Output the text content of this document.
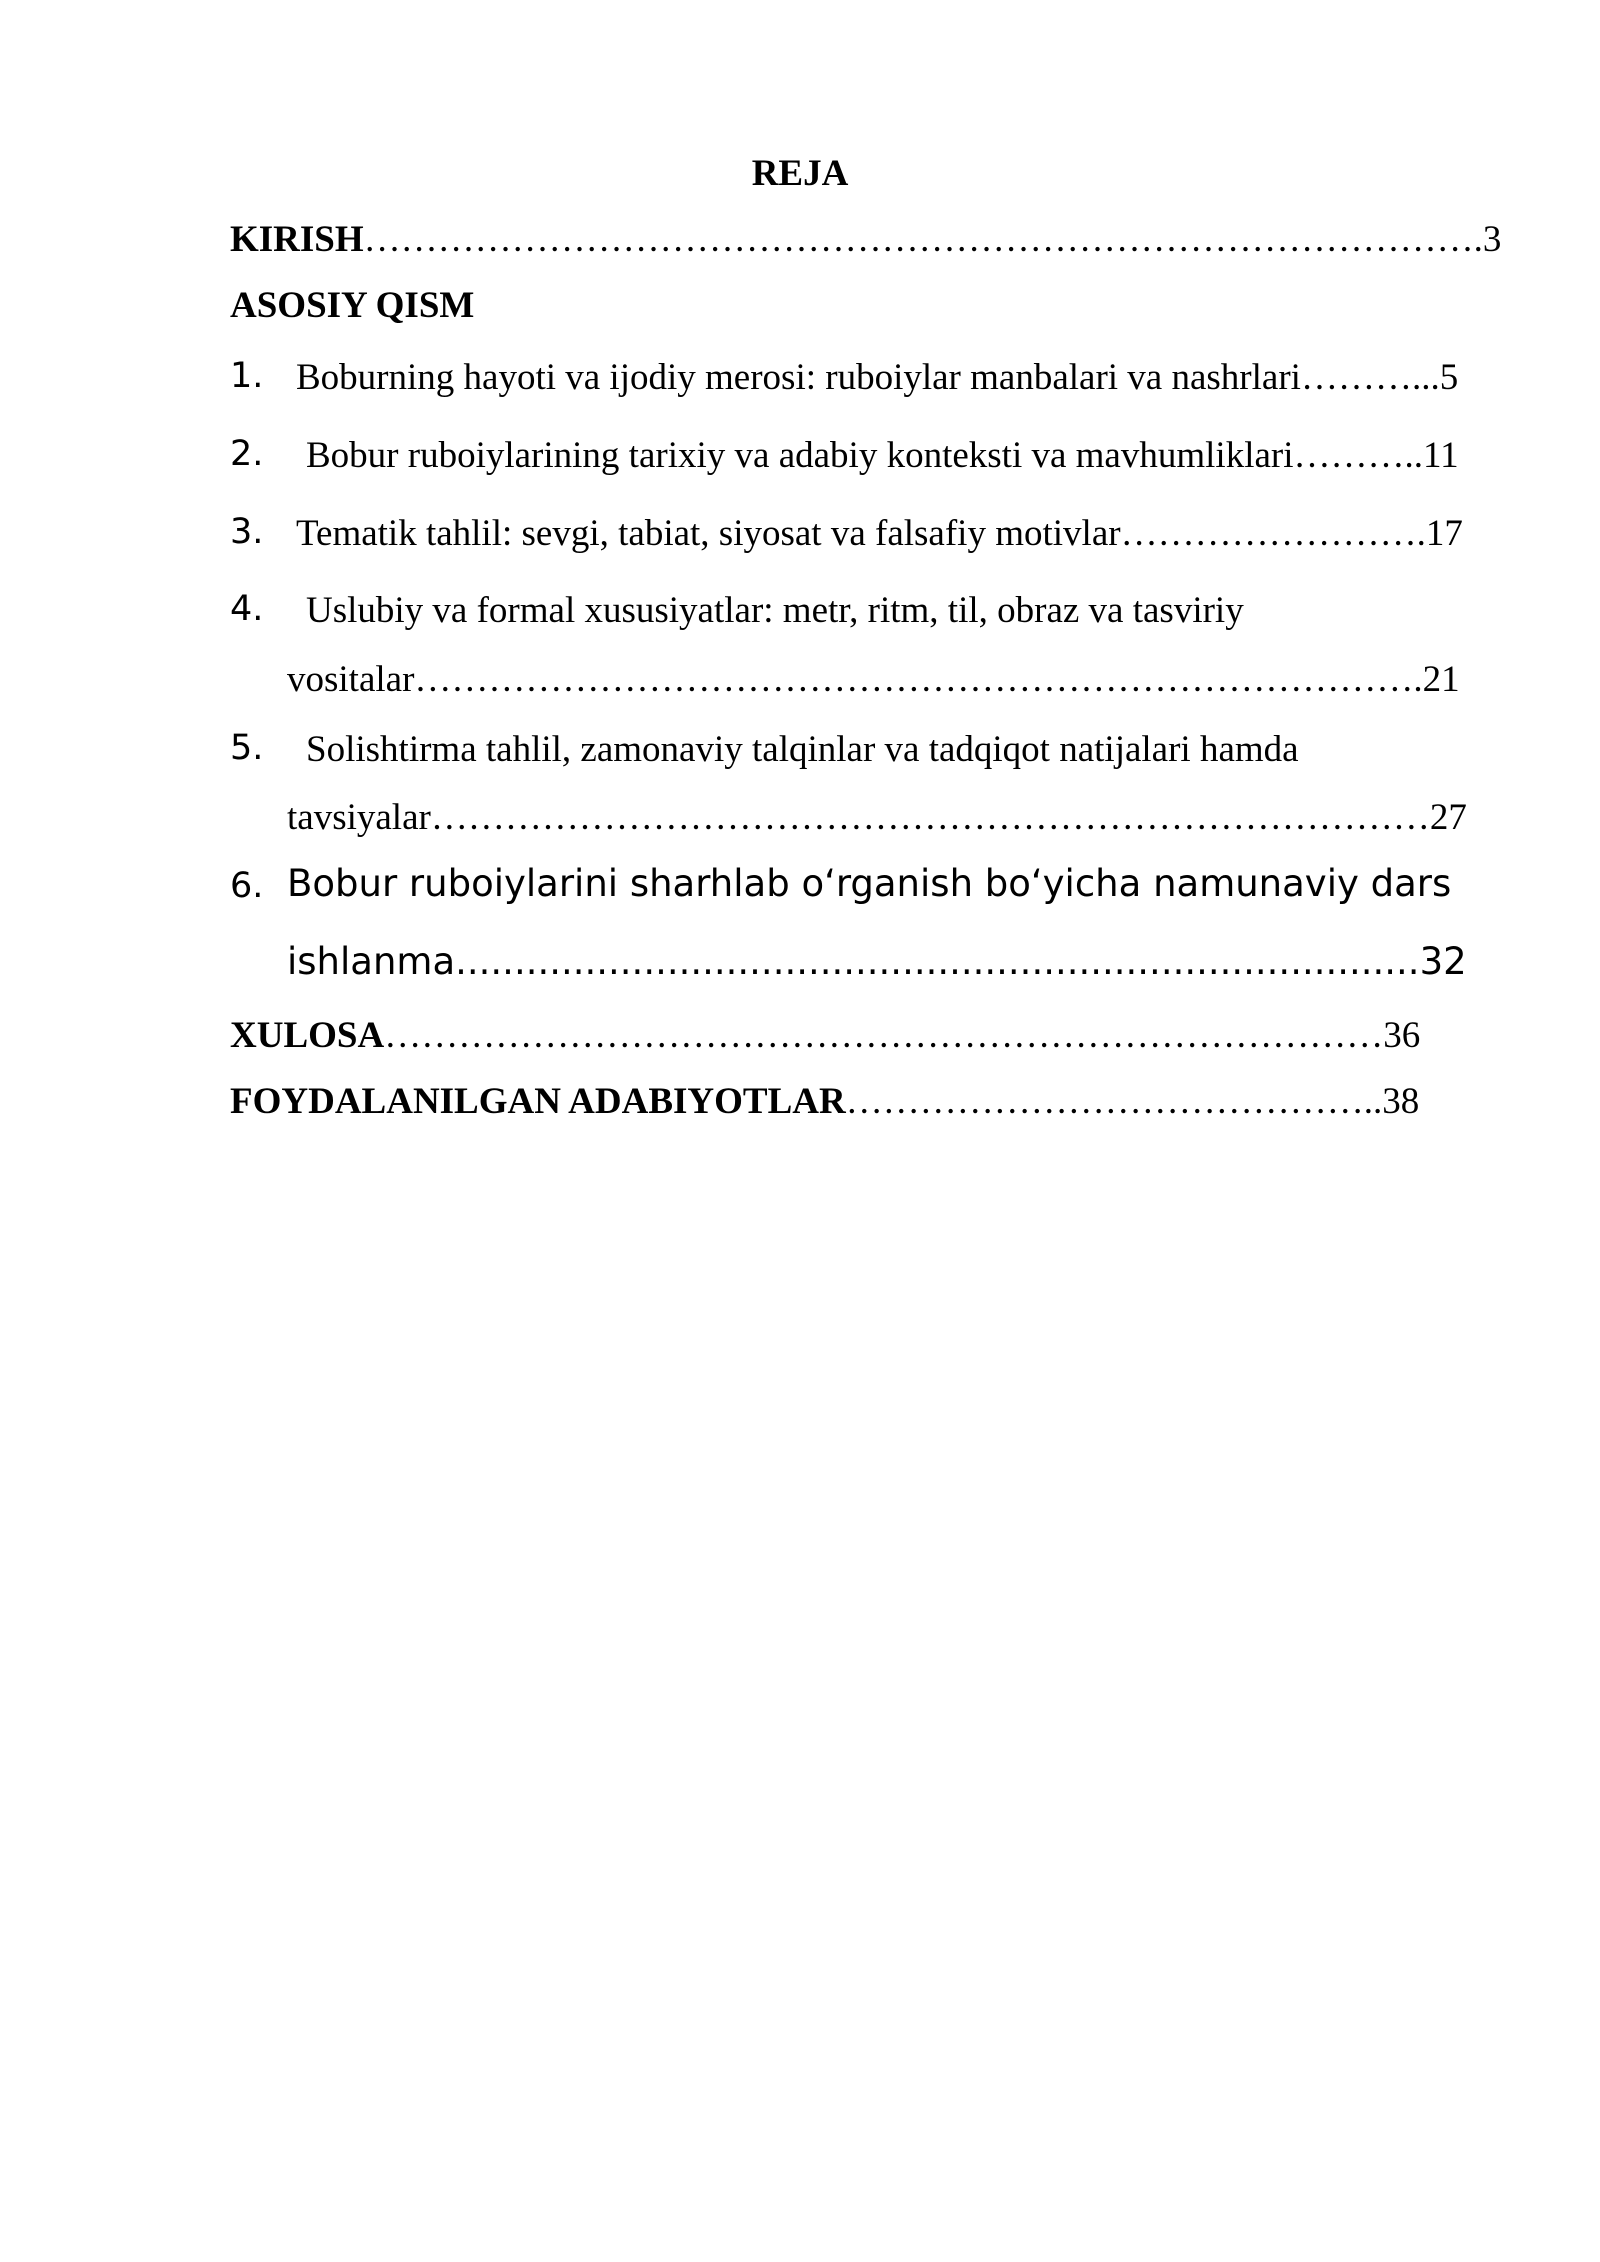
REJA
KIRISH……………………………………………………………………………….3
ASOSIY QISM
1. Boburning hayoti va ijodiy merosi: ruboiylar manbalari va nashrlari………...5
2. Bobur ruboiylarining tarixiy va adabiy konteksti va mavhumliklari………..11
3. Tematik tahlil: sevgi, tabiat, siyosat va falsafiy motivlar…………………….17
4. Uslubiy va formal xususiyatlar: metr, ritm, til, obraz va tasviriy
vositalar……………………………………………………………………….21
5. Solishtirma tahlil, zamonaviy talqinlar va tadqiqot natijalari hamda
tavsiyalar………………………………………………………………………27
6. Bobur ruboiylarini sharhlab oʻrganish boʻyicha namunaviy dars
ishlanma..................................................................................32
XULOSA………………………………………………………………………36
FOYDALANILGAN ADABIYOTLAR……………………………………..38
